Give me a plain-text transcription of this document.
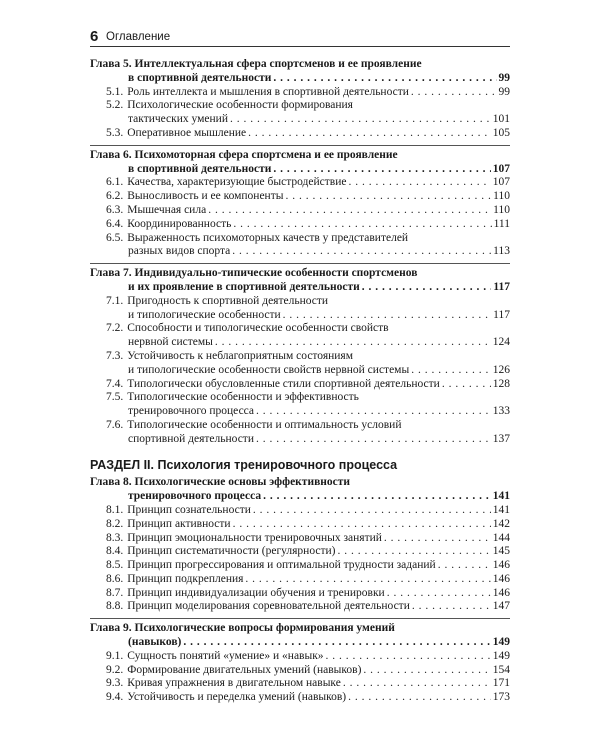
6 Оглавление
Глава 5. Интеллектуальная сфера спортсменов и ее проявление
в спортивной деятельности . . .	99
5.1. Роль интеллекта и мышления в спортивной деятельности . . .	99
5.2. Психологические особенности формирования
тактических умений . . .	101
5.3. Оперативное мышление . . .	105
Глава 6. Психомоторная сфера спортсмена и ее проявление
в спортивной деятельности . . .	107
6.1. Качества, характеризующие быстродействие . . .	107
6.2. Выносливость и ее компоненты . . .	110
6.3. Мышечная сила . . .	110
6.4. Координированность . . .	111
6.5. Выраженность психомоторных качеств у представителей
разных видов спорта . . .	113
Глава 7. Индивидуально-типические особенности спортсменов
и их проявление в спортивной деятельности . . .	117
7.1. Пригодность к спортивной деятельности
и типологические особенности . . .	117
7.2. Способности и типологические особенности свойств
нервной системы . . .	124
7.3. Устойчивость к неблагоприятным состояниям
и типологические особенности свойств нервной системы . . .	126
7.4. Типологически обусловленные стили спортивной деятельности . . .	128
7.5. Типологические особенности и эффективность
тренировочного процесса . . .	133
7.6. Типологические особенности и оптимальность условий
спортивной деятельности . . .	137
РАЗДЕЛ II. Психология тренировочного процесса
Глава 8. Психологические основы эффективности
тренировочного процесса . . .	141
8.1. Принцип сознательности . . .	141
8.2. Принцип активности . . .	142
8.3. Принцип эмоциональности тренировочных занятий . . .	144
8.4. Принцип систематичности (регулярности) . . .	145
8.5. Принцип прогрессирования и оптимальной трудности заданий . . .	146
8.6. Принцип подкрепления . . .	146
8.7. Принцип индивидуализации обучения и тренировки . . .	146
8.8. Принцип моделирования соревновательной деятельности . . .	147
Глава 9. Психологические вопросы формирования умений
(навыков) . . .	149
9.1. Сущность понятий «умение» и «навык» . . .	149
9.2. Формирование двигательных умений (навыков) . . .	154
9.3. Кривая упражнения в двигательном навыке . . .	171
9.4. Устойчивость и переделка умений (навыков) . . .	173
